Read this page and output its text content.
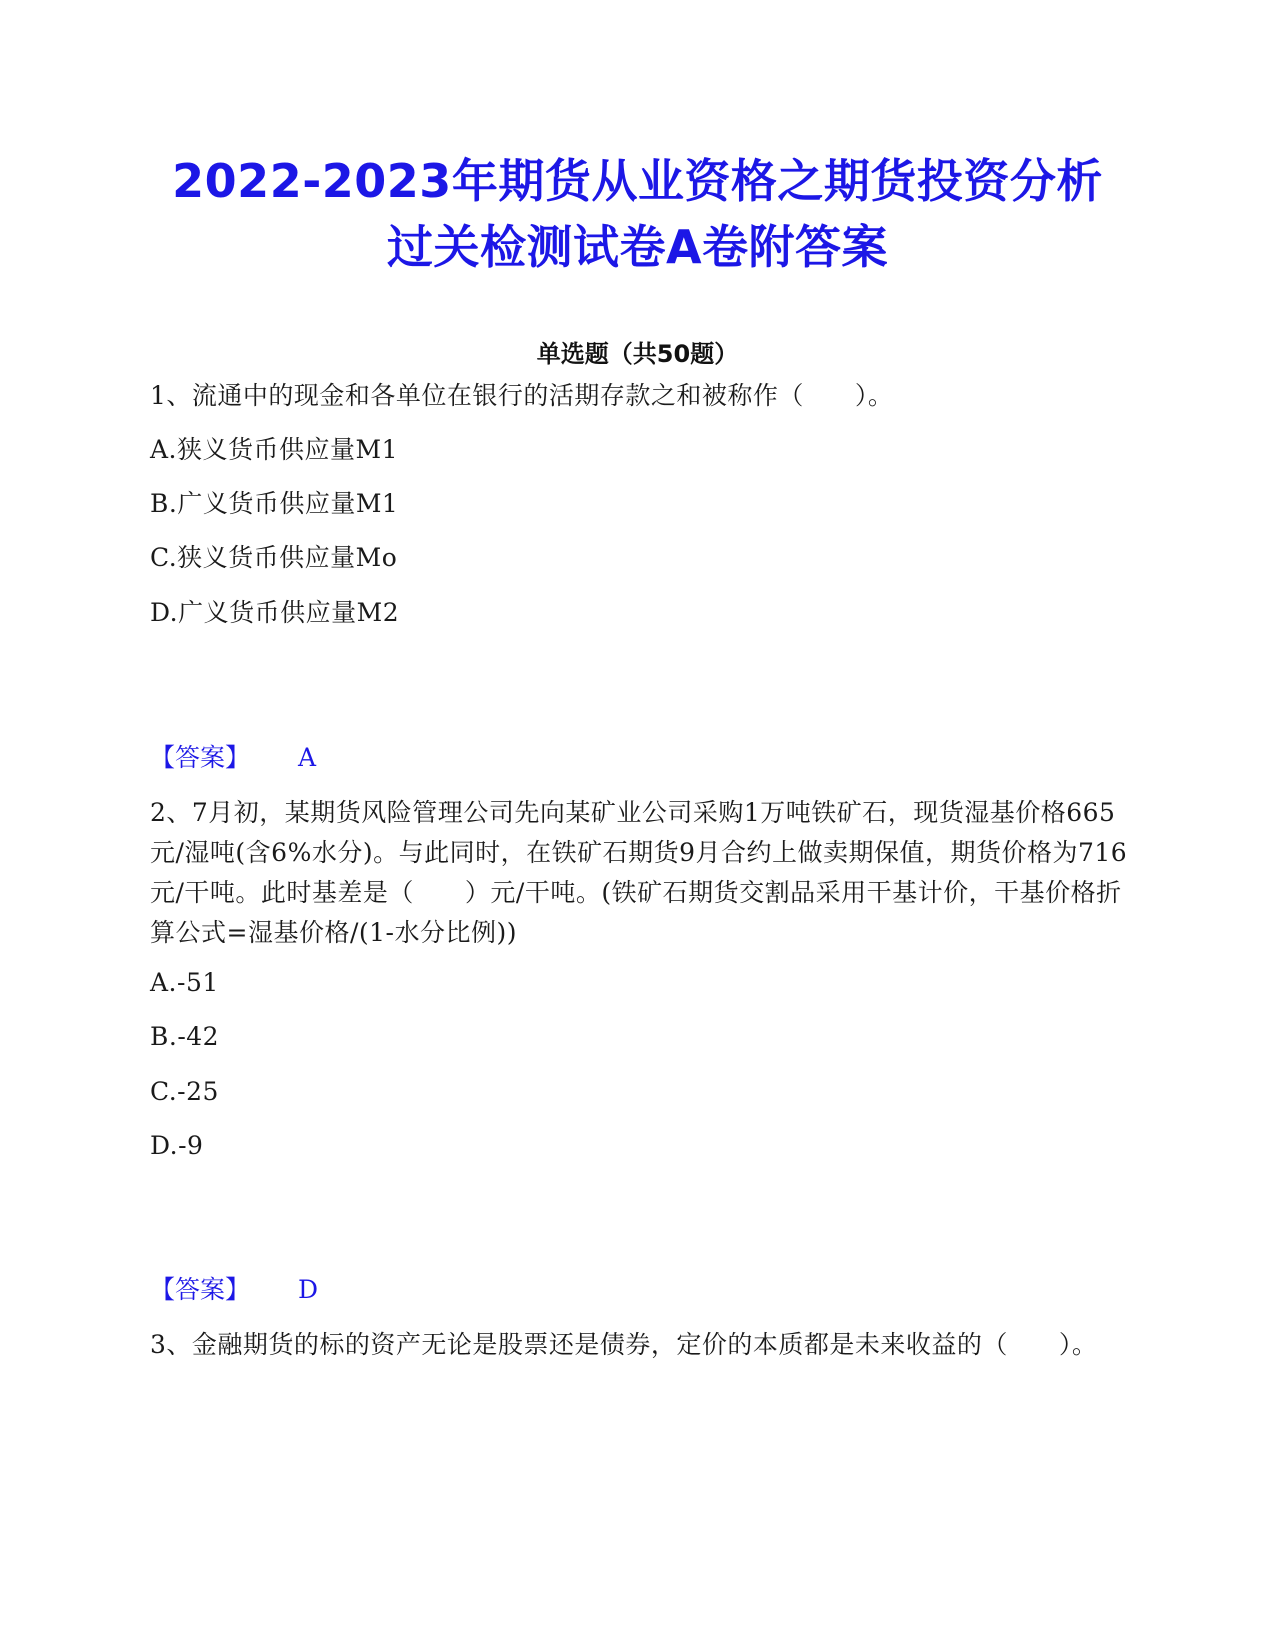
2022-2023年期货从业资格之期货投资分析
过关检测试卷A卷附答案
单选题（共50题）
1、流通中的现金和各单位在银行的活期存款之和被称作（　　）。
A.狭义货币供应量M1
B.广义货币供应量M1
C.狭义货币供应量Mo
D.广义货币供应量M2
【答案】 A
2、7月初，某期货风险管理公司先向某矿业公司采购1万吨铁矿石，现货湿基价格665元/湿吨(含6%水分)。与此同时，在铁矿石期货9月合约上做卖期保值，期货价格为716元/干吨。此时基差是（　　）元/干吨。(铁矿石期货交割品采用干基计价，干基价格折算公式=湿基价格/(1-水分比例))
A.-51
B.-42
C.-25
D.-9
【答案】 D
3、金融期货的标的资产无论是股票还是债券，定价的本质都是未来收益的（　　）。
